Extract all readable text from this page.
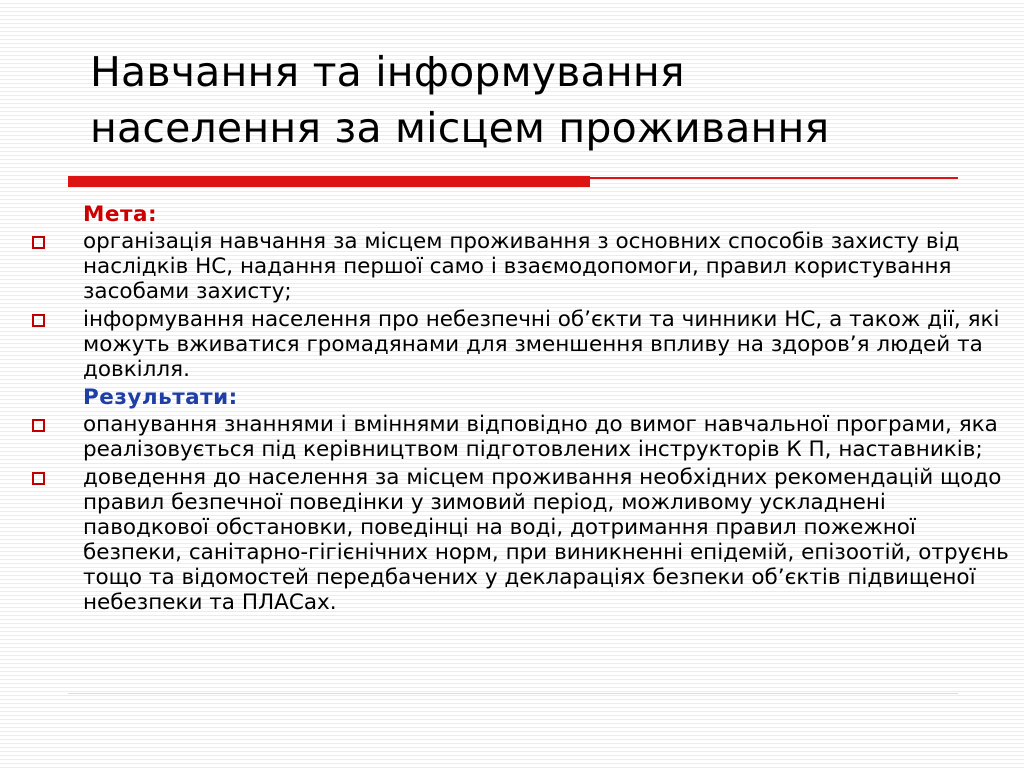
Навчання та інформування
населення за місцем проживання
Мета:
організація навчання за місцем проживання з основних способів захисту від наслідків НС, надання першої само і взаємодопомоги, правил користування засобами захисту;
інформування населення про небезпечні об’єкти та чинники НС, а також дії, які можуть вживатися громадянами для зменшення впливу на здоров’я людей та довкілля.
Результати:
опанування знаннями і вміннями відповідно до вимог навчальної програми, яка реалізовується під керівництвом підготовлених інструкторів К П, наставників;
доведення до населення за місцем проживання необхідних рекомендацій щодо правил безпечної поведінки у зимовий період, можливому ускладнені паводкової обстановки, поведінці на воді, дотримання правил пожежної безпеки, санітарно-гігієнічних норм, при виникненні епідемій, епізоотій, отруєнь тощо та відомостей передбачених у деклараціях безпеки об’єктів підвищеної небезпеки та ПЛАСах.
